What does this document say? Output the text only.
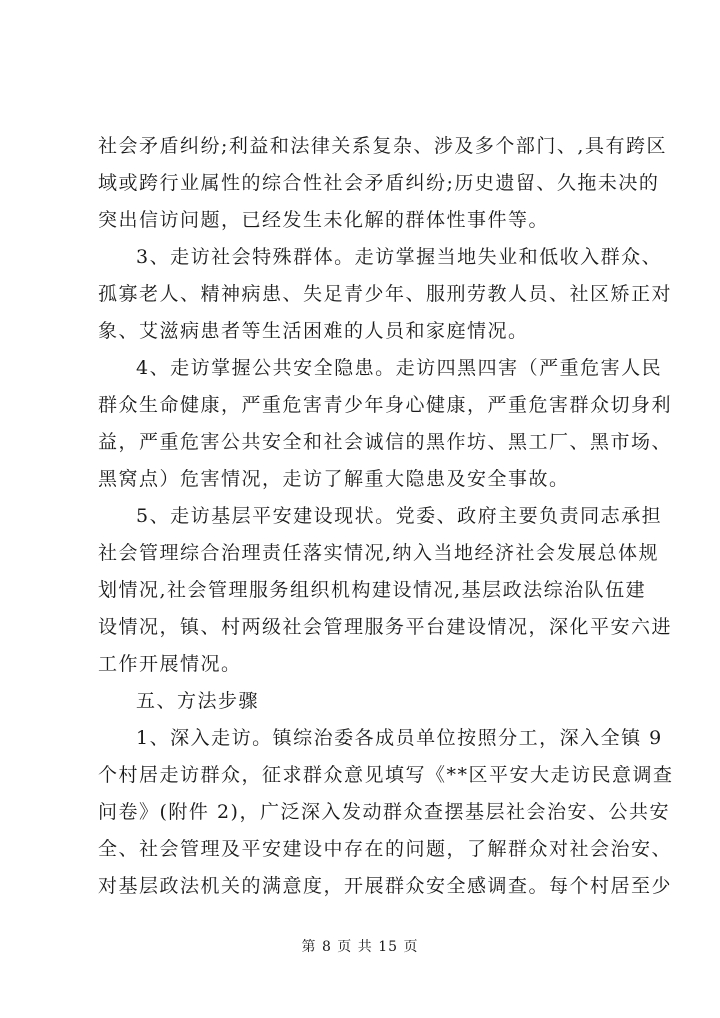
社会矛盾纠纷;利益和法律关系复杂、涉及多个部门、,具有跨区
域或跨行业属性的综合性社会矛盾纠纷;历史遗留、久拖未决的
突出信访问题，已经发生未化解的群体性事件等。
3、走访社会特殊群体。走访掌握当地失业和低收入群众、
孤寡老人、精神病患、失足青少年、服刑劳教人员、社区矫正对
象、艾滋病患者等生活困难的人员和家庭情况。
4、走访掌握公共安全隐患。走访四黑四害（严重危害人民
群众生命健康，严重危害青少年身心健康，严重危害群众切身利
益，严重危害公共安全和社会诚信的黑作坊、黑工厂、黑市场、
黑窝点）危害情况，走访了解重大隐患及安全事故。
5、走访基层平安建设现状。党委、政府主要负责同志承担
社会管理综合治理责任落实情况,纳入当地经济社会发展总体规
划情况,社会管理服务组织机构建设情况,基层政法综治队伍建
设情况，镇、村两级社会管理服务平台建设情况，深化平安六进
工作开展情况。
五、方法步骤
1、深入走访。镇综治委各成员单位按照分工，深入全镇 9
个村居走访群众，征求群众意见填写《**区平安大走访民意调查
问卷》(附件 2)，广泛深入发动群众查摆基层社会治安、公共安
全、社会管理及平安建设中存在的问题，了解群众对社会治安、
对基层政法机关的满意度，开展群众安全感调查。每个村居至少
第 8 页 共 15 页
